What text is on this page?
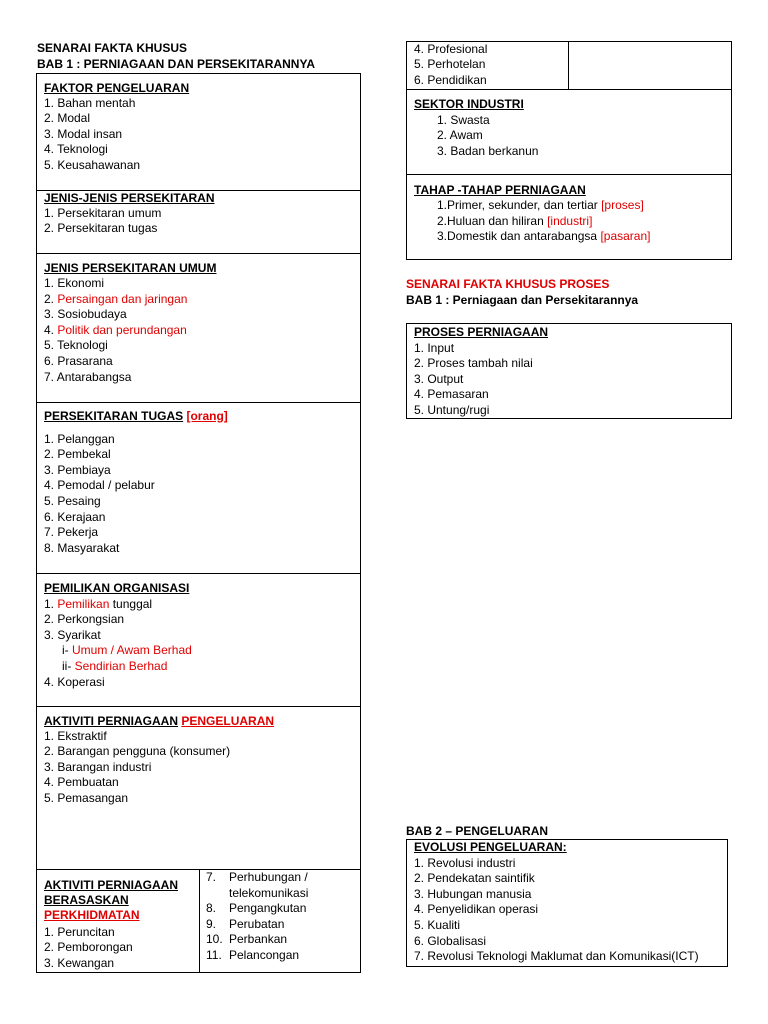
SENARAI FAKTA KHUSUS
BAB 1 : PERNIAGAAN DAN PERSEKITARANNYA
FAKTOR PENGELUARAN
1. Bahan mentah
2. Modal
3. Modal insan
4. Teknologi
5. Keusahawanan
JENIS-JENIS PERSEKITARAN
1. Persekitaran umum
2. Persekitaran tugas
JENIS PERSEKITARAN UMUM
1. Ekonomi
2. Persaingan dan jaringan
3. Sosiobudaya
4. Politik dan perundangan
5. Teknologi
6. Prasarana
7. Antarabangsa
PERSEKITARAN TUGAS [orang]
1. Pelanggan
2. Pembekal
3. Pembiaya
4. Pemodal / pelabur
5. Pesaing
6. Kerajaan
7. Pekerja
8. Masyarakat
PEMILIKAN ORGANISASI
1. Pemilikan tunggal
2. Perkongsian
3. Syarikat
i- Umum / Awam Berhad
ii- Sendirian Berhad
4. Koperasi
AKTIVITI PERNIAGAAN PENGELUARAN
1. Ekstraktif
2. Barangan pengguna (konsumer)
3. Barangan industri
4. Pembuatan
5. Pemasangan
AKTIVITI PERNIAGAAN
BERASASKAN
PERKHIDMATAN
1. Peruncitan
2. Pemborongan
3. Kewangan
7. Perhubungan /
telekomunikasi
8. Pengangkutan
9. Perubatan
10. Perbankan
11. Pelancongan
4. Profesional
5. Perhotelan
6. Pendidikan
SEKTOR INDUSTRI
1. Swasta
2. Awam
3. Badan berkanun
TAHAP -TAHAP PERNIAGAAN
1.Primer, sekunder, dan tertiar [proses]
2.Huluan dan hiliran [industri]
3.Domestik dan antarabangsa [pasaran]
SENARAI FAKTA KHUSUS PROSES
BAB 1 : Perniagaan dan Persekitarannya
PROSES PERNIAGAAN
1. Input
2. Proses tambah nilai
3. Output
4. Pemasaran
5. Untung/rugi
BAB 2 – PENGELUARAN
EVOLUSI PENGELUARAN:
1. Revolusi industri
2. Pendekatan saintifik
3. Hubungan manusia
4. Penyelidikan operasi
5. Kualiti
6. Globalisasi
7. Revolusi Teknologi Maklumat dan Komunikasi(ICT)
